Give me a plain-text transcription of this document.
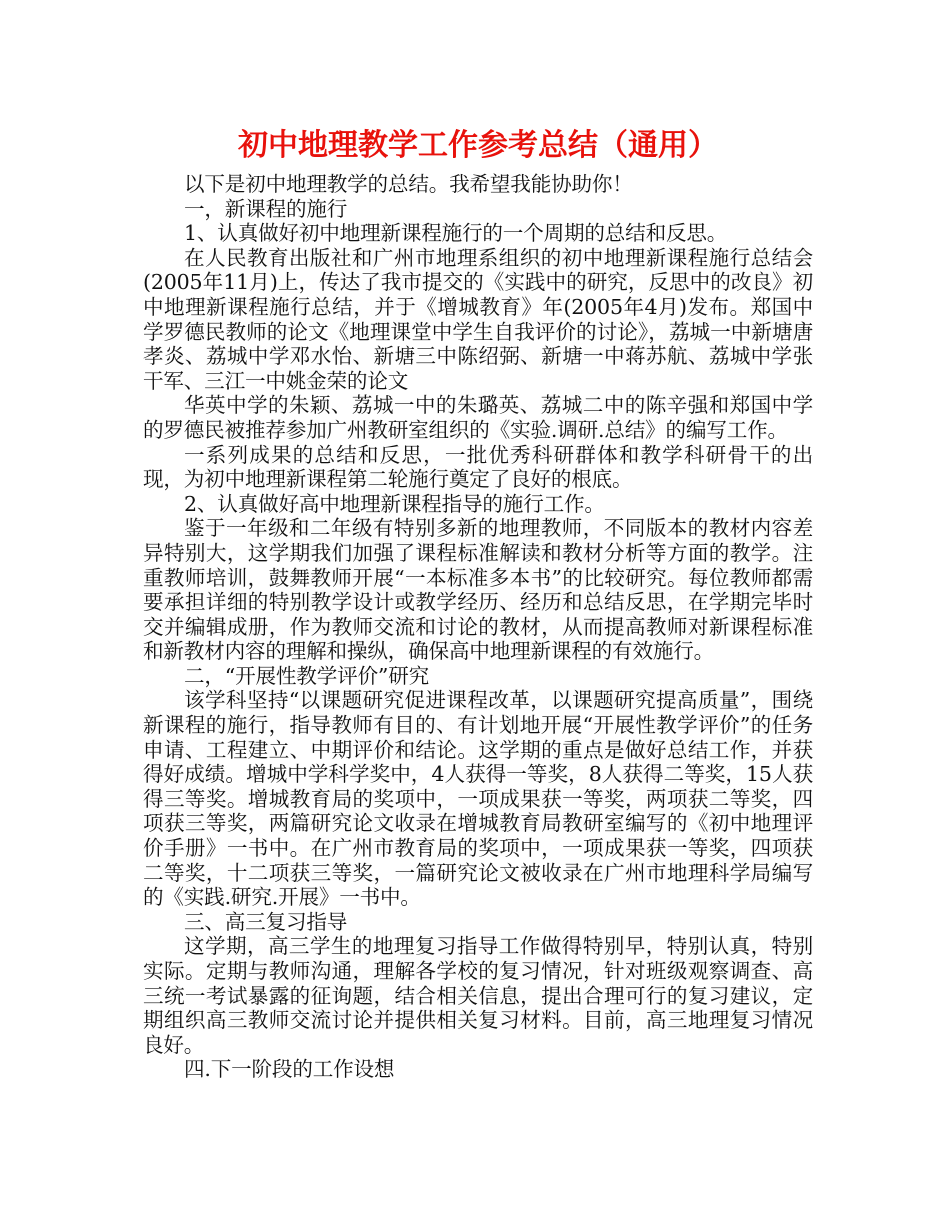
初中地理教学工作参考总结（通用）

以下是初中地理教学的总结。我希望我能协助你！

一，新课程的施行

1、认真做好初中地理新课程施行的一个周期的总结和反思。

在人民教育出版社和广州市地理系组织的初中地理新课程施行总结会(2005年11月)上，传达了我市提交的《实践中的研究，反思中的改良》初中地理新课程施行总结，并于《增城教育》年(2005年4月)发布。郑国中学罗德民教师的论文《地理课堂中学生自我评价的讨论》，荔城一中新塘唐孝炎、荔城中学邓水怡、新塘三中陈绍弼、新塘一中蒋苏航、荔城中学张干军、三江一中姚金荣的论文

华英中学的朱颖、荔城一中的朱璐英、荔城二中的陈辛强和郑国中学的罗德民被推荐参加广州教研室组织的《实验.调研.总结》的编写工作。

一系列成果的总结和反思，一批优秀科研群体和教学科研骨干的出现，为初中地理新课程第二轮施行奠定了良好的根底。

2、认真做好高中地理新课程指导的施行工作。

鉴于一年级和二年级有特别多新的地理教师，不同版本的教材内容差异特别大，这学期我们加强了课程标准解读和教材分析等方面的教学。注重教师培训，鼓舞教师开展“一本标准多本书”的比较研究。每位教师都需要承担详细的特别教学设计或教学经历、经历和总结反思，在学期完毕时交并编辑成册，作为教师交流和讨论的教材，从而提高教师对新课程标准和新教材内容的理解和操纵，确保高中地理新课程的有效施行。

二，“开展性教学评价”研究

该学科坚持“以课题研究促进课程改革，以课题研究提高质量”，围绕新课程的施行，指导教师有目的、有计划地开展“开展性教学评价”的任务申请、工程建立、中期评价和结论。这学期的重点是做好总结工作，并获得好成绩。增城中学科学奖中，4人获得一等奖，8人获得二等奖，15人获得三等奖。增城教育局的奖项中，一项成果获一等奖，两项获二等奖，四项获三等奖，两篇研究论文收录在增城教育局教研室编写的《初中地理评价手册》一书中。在广州市教育局的奖项中，一项成果获一等奖，四项获二等奖，十二项获三等奖，一篇研究论文被收录在广州市地理科学局编写的《实践.研究.开展》一书中。

三、高三复习指导

这学期，高三学生的地理复习指导工作做得特别早，特别认真，特别实际。定期与教师沟通，理解各学校的复习情况，针对班级观察调查、高三统一考试暴露的征询题，结合相关信息，提出合理可行的复习建议，定期组织高三教师交流讨论并提供相关复习材料。目前，高三地理复习情况良好。

四.下一阶段的工作设想
